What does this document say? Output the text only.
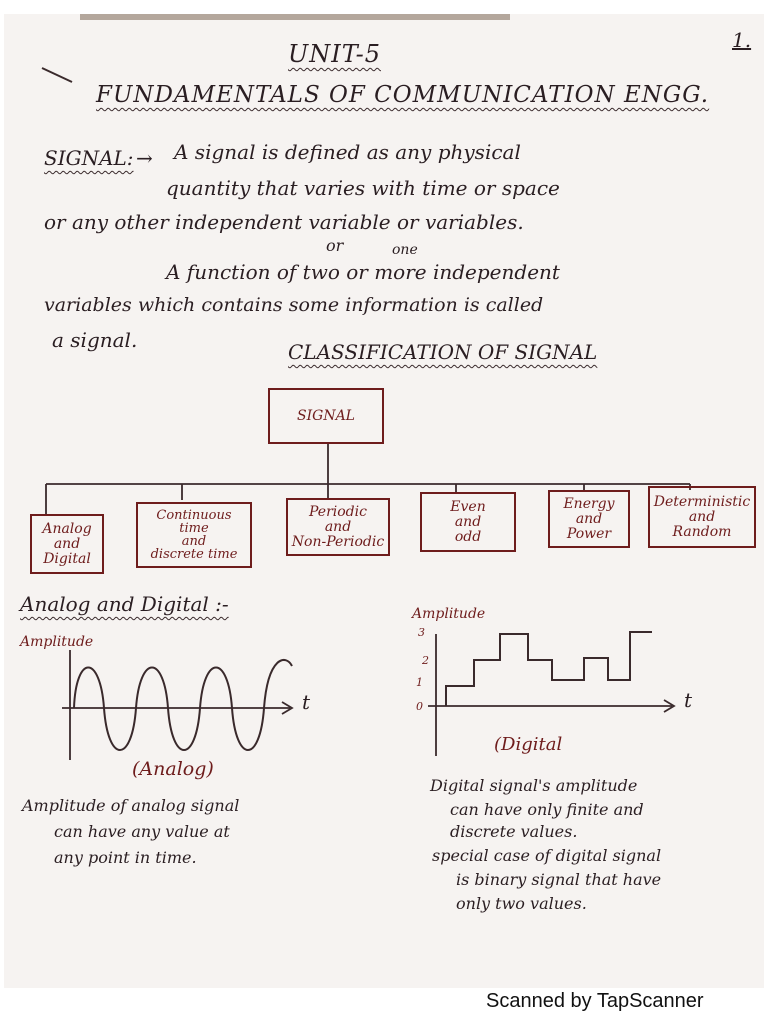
1.
UNIT-5
FUNDAMENTALS OF COMMUNICATION ENGG.
SIGNAL: → A signal is defined as any physical
quantity that varies with time or space
or any other independent variable or variables.
or	one
A function of two or more independent
variables which contains some information is called
a signal.	CLASSIFICATION OF SIGNAL
SIGNAL
Analog
and
Digital
Continuous
time
and
discrete time
Periodic
and
Non-Periodic
Even
and
odd
Energy
and
Power
Deterministic
and
Random
Analog and Digital :-
Amplitude
t
(Analog)
Amplitude of analog signal
can have any value at
any point in time.
Amplitude
3
2
1
0	t
(Digital
Digital signal's amplitude
can have only finite and
discrete values.
special case of digital signal
is binary signal that have
only two values.
Scanned by TapScanner
